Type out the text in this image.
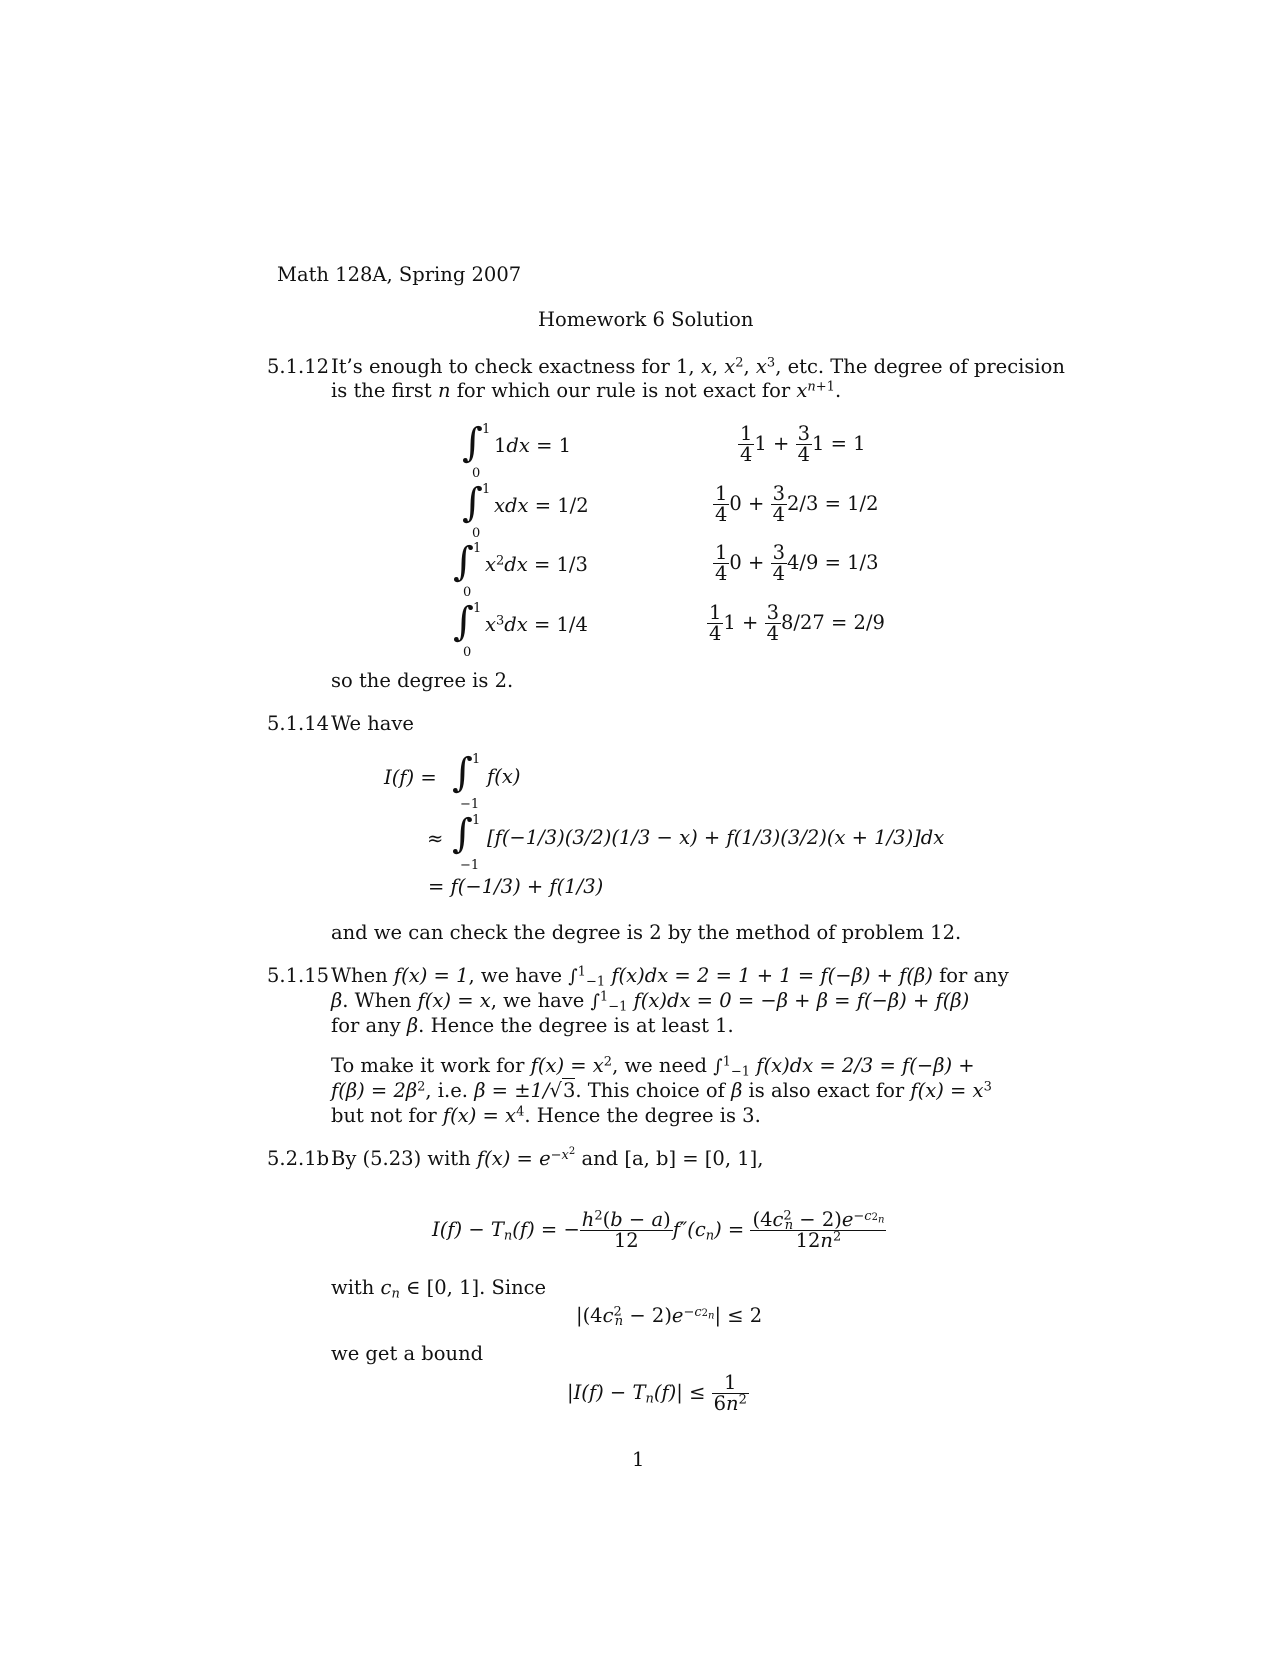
Math 128A, Spring 2007
Homework 6 Solution
5.1.12 It’s enough to check exactness for 1, x, $x^2$, $x^3$, etc. The degree of precision
is the first n for which our rule is not exact for $x^{n+1}$.
∫ 1
0
1dx = 1
∫ 1
0
xdx = 1/2
∫ 1
0
$x^2dx = 1/3$
∫ 1
0
$x^3dx = 1/4$
$\frac{1}{4} 1 + \frac{3}{4} 1 = 1$
$\frac{1}{4} 0 + \frac{3}{4} 2/3 = 1/2$
$\frac{1}{4} 0 + \frac{3}{4} 4/9 = 1/3$
$\frac{1}{4} 1 + \frac{3}{4} 8/27 = 2/9$
so the degree is 2.
5.1.14 We have
I(f) = ∫ 1
−1
f(x)
≈ ∫ 1
−1
[f(−1/3)(3/2)(1/3 − x) + f(1/3)(3/2)(x + 1/3)]dx
= f(−1/3) + f(1/3)
and we can check the degree is 2 by the method of problem 12.
5.1.15 When f(x) = 1, we have ∫$^1_{-1}$ f(x)dx = 2 = 1 + 1 = f(−β) + f(β) for any
β. When f(x) = x, we have ∫$^1_{-1}$ f(x)dx = 0 = −β + β = f(−β) + f(β)
for any β. Hence the degree is at least 1.
To make it work for $f(x) = x^2$, we need ∫$^1_{-1}$ f(x)dx = 2/3 = f(−β) +
$f(\beta) = 2\beta^2$, i.e. β = ±1/√3. This choice of β is also exact for $f(x) = x^3$
but not for $f(x) = x^4$. Hence the degree is 3.
5.2.1b By (5.23) with $f(x) = e^{-x^2}$ and [a, b] = [0, 1],
$I(f) - T_n(f)$ = − $\frac{h^2(b - a)}{12} f''(c_n) = \frac{(4c^2_n - 2)e^{-c2_n}}{12n^2}$
with $c_n$ ∈ [0, 1]. Since
$|(4c^2_n - 2)e^{-c2_n}| \le 2$
we get a bound
$|I(f) - T_n(f)| \le \frac{1}{6n^2}$
1
